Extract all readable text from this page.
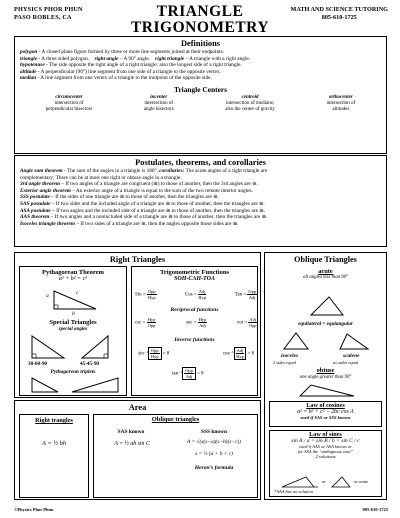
PHYSICS PHOR PHUN
PASO ROBLES, CA	TRIANGLE
TRIGONOMETRY
MATH AND SCIENCE TUTORING
805-610-1725
Definitions
polygon - A closed plane figure formed by three or more line segments joined at their endpoints.
triangle - A three sided polygon. right angle – A 90° angle. right triangle – A triangle with a right angle.
hypotenuse - The side opposite the right angle of a right triangle; also the longest side of a right triangle.
altitude - A perpendicular (90°) line segment from one side of a triangle to the opposite vertex.
median - A line segment from one vertex of a triangle to the midpoint of the opposite side.
Triangle Centers
circumcenter
intersection of
perpendicular bisectors
incenter
intersection of
angle bisectors
centroid
intersection of medians;
also the center of gravity
orthocenter
intersection of
altitudes
Postulates, theorems, and corollaries
Angle sum theorem - The sum of the angles in a triangle is 180°. corollaries: The acute angles of a right triangle are
complementary; There can be at most one right or obtuse angle in a triangle.
3rd angle theorem – If two angles of a triangle are congruent (≅) to those of another, then the 3rd angles are ≅.
Exterior angle theorem – An exterior angle of a triangle is equal to the sum of the two remote interior angles.
SSS postulate – If the sides of one triangle are ≅ to those of another, then the triangles are ≅.
SAS postulate – If two sides and the included angle of a triangle are ≅ to those of another, then the triangles are ≅.
ASA postulate – If two angles and the included side of a triangle are ≅ to those of another, then the triangles are ≅.
AAS theorem – If two angles and a nonincluded side of a triangle are ≅ to those of another, then the triangles are ≅.
Isoceles triangle theorem – If two sides of a triangle are ≅, then the angles opposite those sides are ≅.
Right Triangles
Pythagorean Theorem
a² + b² = c²
a	c
b
Special Triangles
special angles
30-60-90	45-45-90
Pythagorean triplets
Trigonometric Functions
SOH-CAH-TOA
Sin = $\frac{\text{Opp}}{\text{Hyp}}$	Cos = $\frac{\text{Adj}}{\text{Hyp}}$	Tan = $\frac{\text{Opp}}{\text{Adj}}$
Reciprocal functions
$\csc = \frac{\text{Hyp}}{\text{Opp}}$	$\sec = \frac{\text{Hyp}}{\text{Adj}}$	$\cot = \frac{\text{Adj}}{\text{Opp}}$
Inverse functions
$\sin^{-1} \frac{\text{Opp}}{\text{Hyp}} = \theta$	$\cos^{-1} \frac{\text{Adj}}{\text{Hyp}} = \theta$
$\tan^{-1} \frac{\text{Opp}}{\text{Adj}} = \theta$
Oblique Triangles
acute
all angles less than 90°
equilateral = equiangular
isoceles	scalene
2 sides equal	no sides equal
obtuse
one angle greater than 90°
Law of cosines
a² = b² + c² − 2bc cos A
used if SAS or SSS known
Law of sines
sin A / a = sin B / b = sin C / c
used if AAS or ASA known or
for SSA the “ambiguous case”
2 solutions
or	or none
*AAA has no solution
Area
Right trangles
A = ½ bh
Oblique triangles
SAS known
A = ½ ab sin C
SSS known
A = √(s(s−a)(s−b)(s−c))
s = ½ (a + b + c)
Heron’s formula
©Physics Phor Phun	805-610-1725
